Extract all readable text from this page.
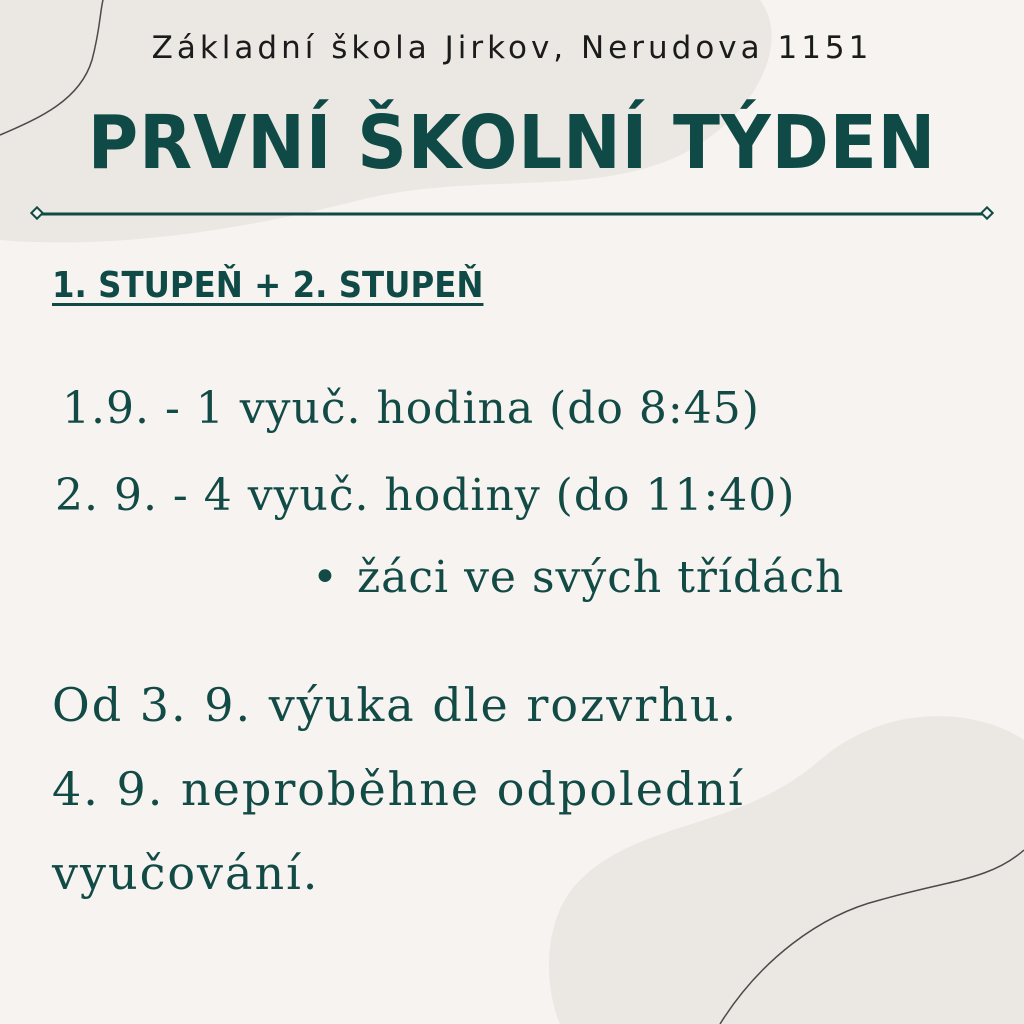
Základní škola Jirkov, Nerudova 1151
PRVNÍ ŠKOLNÍ TÝDEN
1. STUPEŇ + 2. STUPEŇ
1.9. - 1 vyuč. hodina (do 8:45)
2. 9. - 4 vyuč. hodiny (do 11:40)
• žáci ve svých třídách
Od 3. 9. výuka dle rozvrhu.
4. 9. neproběhne odpolední
vyučování.
